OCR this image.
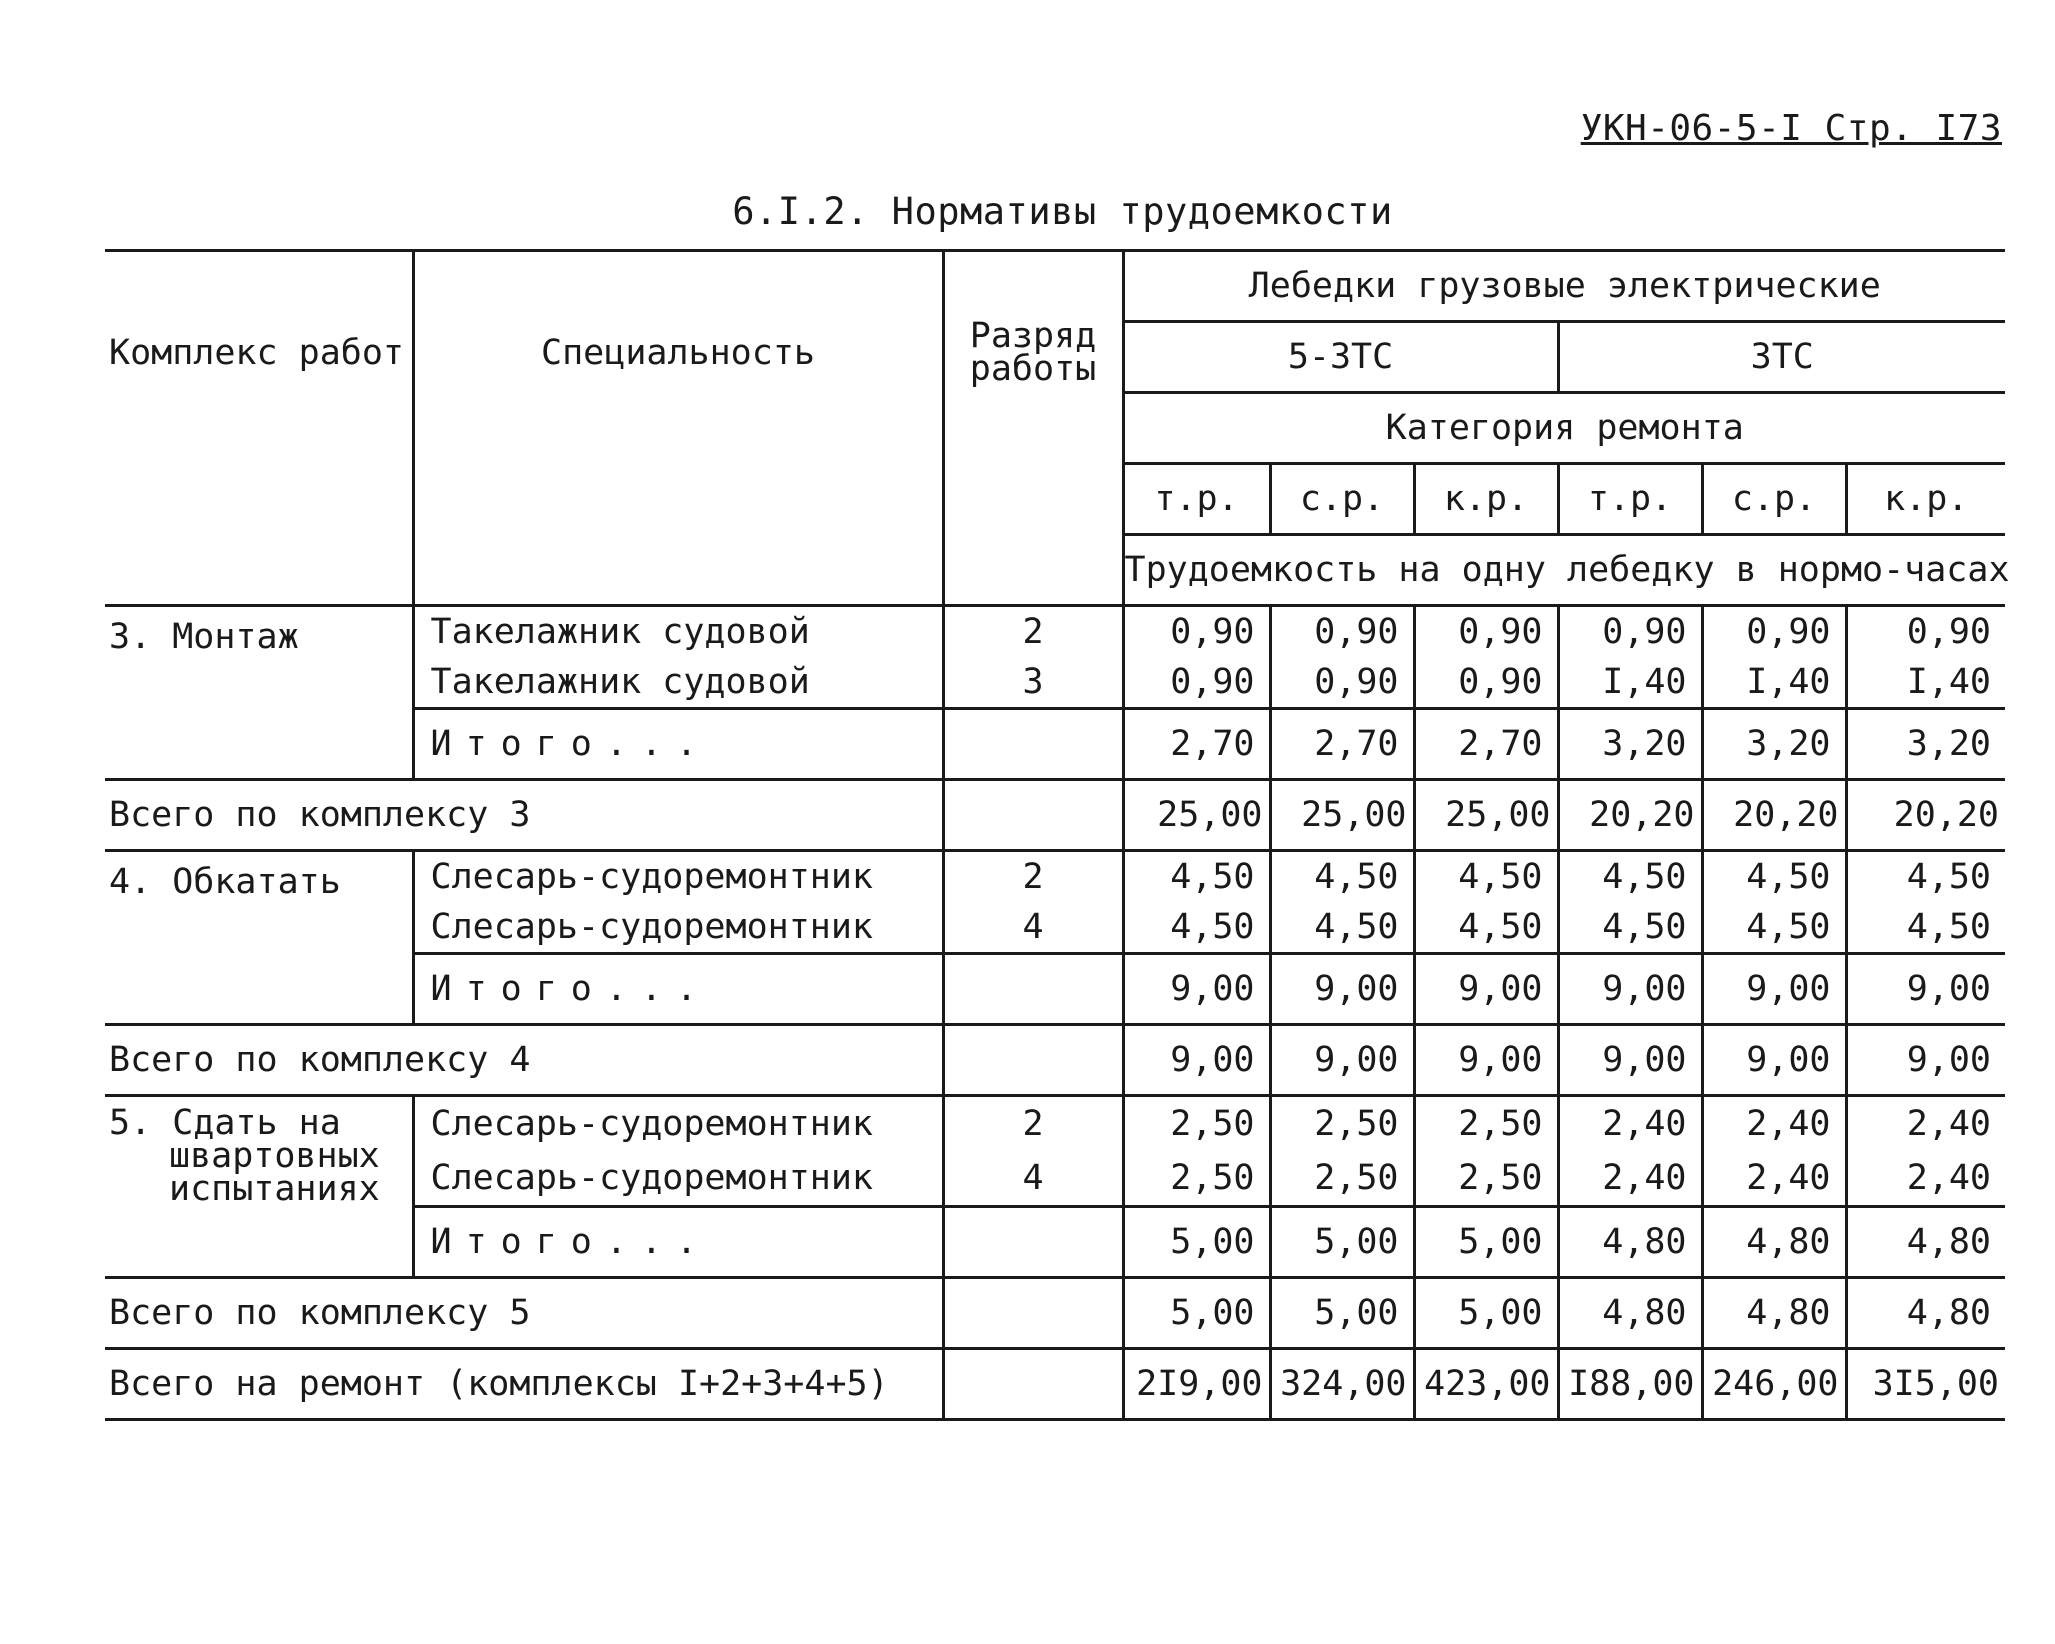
УКН-06-5-I Стр. I73
6.I.2. Нормативы трудоемкости
Комплекс работ	Специальность	Разряд работы	Лебедки грузовые электрические					
			5-3ТС			3ТС		
			Категория ремонта					
			т.р.	с.р.	к.р.	т.р.	с.р.	к.р.
			Трудоемкость на одну лебедку в нормо-часах					
3. Монтаж	Такелажник судовой	2	0,90	0,90	0,90	0,90	0,90	0,90
	Такелажник судовой	3	0,90	0,90	0,90	I,40	I,40	I,40
	Итого...		2,70	2,70	2,70	3,20	3,20	3,20
Всего по комплексу 3			25,00	25,00	25,00	20,20	20,20	20,20
4. Обкатать	Слесарь-судоремонтник	2	4,50	4,50	4,50	4,50	4,50	4,50
	Слесарь-судоремонтник	4	4,50	4,50	4,50	4,50	4,50	4,50
	Итого...		9,00	9,00	9,00	9,00	9,00	9,00
Всего по комплексу 4			9,00	9,00	9,00	9,00	9,00	9,00

5. Сдать на
швартовных
испытаниях	Слесарь-судоремонтник	2	2,50	2,50	2,50	2,40	2,40	2,40
	Слесарь-судоремонтник	4	2,50	2,50	2,50	2,40	2,40	2,40
	Итого...		5,00	5,00	5,00	4,80	4,80	4,80
Всего по комплексу 5			5,00	5,00	5,00	4,80	4,80	4,80
Всего на ремонт (комплексы I+2+3+4+5)			2I9,00	324,00	423,00	I88,00	246,00	3I5,00
